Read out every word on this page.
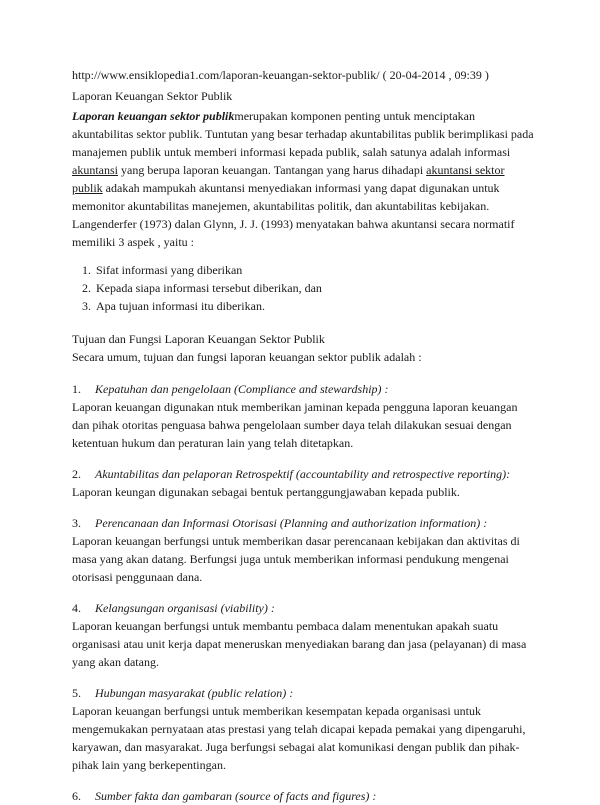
http://www.ensiklopedia1.com/laporan-keuangan-sektor-publik/ ( 20-04-2014 , 09:39 )

Laporan Keuangan Sektor Publik

Laporan keuangan sektor publikmerupakan komponen penting untuk menciptakan akuntabilitas sektor publik. Tuntutan yang besar terhadap akuntabilitas publik berimplikasi pada manajemen publik untuk memberi informasi kepada publik, salah satunya adalah informasi akuntansi yang berupa laporan keuangan. Tantangan yang harus dihadapi akuntansi sektor publik adakah mampukah akuntansi menyediakan informasi yang dapat digunakan untuk memonitor akuntabilitas manejemen, akuntabilitas politik, dan akuntabilitas kebijakan.

Langenderfer (1973) dalan Glynn, J. J. (1993) menyatakan bahwa akuntansi secara normatif memiliki 3 aspek , yaitu :

1. Sifat informasi yang diberikan
2. Kepada siapa informasi tersebut diberikan, dan
3. Apa tujuan informasi itu diberikan.

Tujuan dan Fungsi Laporan Keuangan Sektor Publik

Secara umum, tujuan dan fungsi laporan keuangan sektor publik adalah :

1.	Kepatuhan dan pengelolaan (Compliance and stewardship) :

Laporan keuangan digunakan ntuk memberikan jaminan kepada pengguna laporan keuangan dan pihak otoritas penguasa bahwa pengelolaan sumber daya telah dilakukan sesuai dengan ketentuan hukum dan peraturan lain yang telah ditetapkan.

2.	Akuntabilitas dan pelaporan Retrospektif (accountability and retrospective reporting):

Laporan keungan digunakan sebagai bentuk pertanggungjawaban kepada publik.

3.	Perencanaan dan Informasi Otorisasi (Planning and authorization information) :

Laporan keuangan berfungsi untuk memberikan dasar perencanaan kebijakan dan aktivitas di masa yang akan datang. Berfungsi juga untuk memberikan informasi pendukung mengenai otorisasi penggunaan dana.

4.	Kelangsungan organisasi (viability) :

Laporan keuangan berfungsi untuk membantu pembaca dalam menentukan apakah suatu organisasi atau unit kerja dapat meneruskan menyediakan barang dan jasa (pelayanan) di masa yang akan datang.

5.	Hubungan masyarakat (public relation) :

Laporan keuangan berfungsi untuk memberikan kesempatan kepada organisasi untuk mengemukakan pernyataan atas prestasi yang telah dicapai kepada pemakai yang dipengaruhi, karyawan, dan masyarakat. Juga berfungsi sebagai alat komunikasi dengan publik dan pihak-pihak lain yang berkepentingan.

6.	Sumber fakta dan gambaran (source of facts and figures) :
